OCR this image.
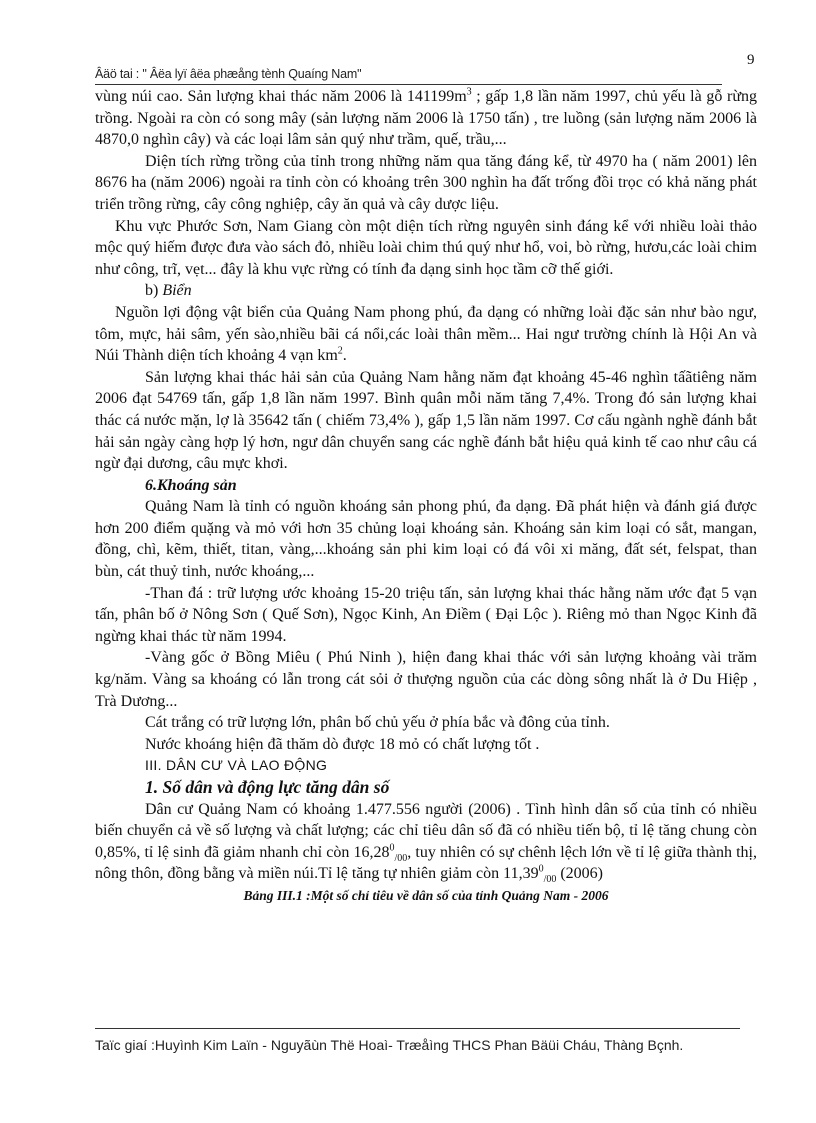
Âäö tai : " Âëa lyï âëa phæång tènh Quaíng Nam"
9

vùng núi cao. Sản lượng khai thác năm 2006 là $141199m^3$ ; gấp 1,8 lần năm 1997, chủ yếu là gỗ rừng trồng. Ngoài ra còn có song mây (sản lượng năm 2006 là 1750 tấn) , tre luồng (sản lượng năm 2006 là 4870,0 nghìn cây) và các loại lâm sản quý như trầm, quế, trầu,...

Diện tích rừng trồng của tỉnh trong những năm qua tăng đáng kể, từ 4970 ha ( năm 2001) lên 8676 ha (năm 2006) ngoài ra tỉnh còn có khoảng trên 300 nghìn ha đất trống đồi trọc có khả năng phát triển trồng rừng, cây công nghiệp, cây ăn quả và cây dược liệu.

Khu vực Phước Sơn, Nam Giang còn một diện tích rừng nguyên sinh đáng kể với nhiều loài thảo mộc quý hiếm được đưa vào sách đỏ, nhiều loài chim thú quý như hổ, voi, bò rừng, hươu,các loài chim như công, trĩ, vẹt... đây là khu vực rừng có tính đa dạng sinh học tầm cỡ thế giới.

b) Biển

Nguồn lợi động vật biển của Quảng Nam phong phú, đa dạng có những loài đặc sản như bào ngư, tôm, mực, hải sâm, yến sào,nhiều bãi cá nổi,các loài thân mềm... Hai ngư trường chính là Hội An và Núi Thành diện tích khoảng 4 vạn $km^2$.

Sản lượng khai thác hải sản của Quảng Nam hằng năm đạt khoảng 45-46 nghìn tấãtiêng năm 2006 đạt 54769 tấn, gấp 1,8 lần năm 1997. Bình quân mỗi năm tăng 7,4%. Trong đó sản lượng khai thác cá nước mặn, lợ là 35642 tấn ( chiếm 73,4% ), gấp 1,5 lần năm 1997. Cơ cấu ngành nghề đánh bắt hải sản ngày càng hợp lý hơn, ngư dân chuyển sang các nghề đánh bắt hiệu quả kinh tế cao như câu cá ngừ đại dương, câu mực khơi.

6.Khoáng sản

Quảng Nam là tỉnh có nguồn khoáng sản phong phú, đa dạng. Đã phát hiện và đánh giá được hơn 200 điểm quặng và mỏ với hơn 35 chủng loại khoáng sản. Khoáng sản kim loại có sắt, mangan, đồng, chì, kẽm, thiết, titan, vàng,...khoáng sản phi kim loại có đá vôi xi măng, đất sét, felspat, than bùn, cát thuỷ tinh, nước khoáng,...

-Than đá : trữ lượng ước khoảng 15-20 triệu tấn, sản lượng khai thác hằng năm ước đạt 5 vạn tấn, phân bố ở Nông Sơn ( Quế Sơn), Ngọc Kinh, An Điềm ( Đại Lộc ). Riêng mỏ than Ngọc Kinh đã ngừng khai thác từ năm 1994.

-Vàng gốc ở Bồng Miêu ( Phú Ninh ), hiện đang khai thác với sản lượng khoảng vài trăm kg/năm. Vàng sa khoáng có lẫn trong cát sỏi ở thượng nguồn của các dòng sông nhất là ở Du Hiệp , Trà Dương...

Cát trắng có trữ lượng lớn, phân bố chủ yếu ở phía bắc và đông của tỉnh.

Nước khoáng hiện đã thăm dò được 18 mỏ có chất lượng tốt .

III. DÂN CƯ VÀ LAO ĐỘNG

1. Số dân và động lực tăng dân số

Dân cư Quảng Nam có khoảng 1.477.556 người (2006) . Tình hình dân số của tỉnh có nhiều biến chuyển cả về số lượng và chất lượng; các chỉ tiêu dân số đã có nhiều tiến bộ, tỉ lệ tăng chung còn 0,85%, tỉ lệ sinh đã giảm nhanh chỉ còn $16,28^0_{/00}$, tuy nhiên có sự chênh lệch lớn về tỉ lệ giữa thành thị, nông thôn, đồng bằng và miền núi.Tỉ lệ tăng tự nhiên giảm còn $11,39^0_{/00}$ (2006)

Bảng III.1 :Một số chỉ tiêu về dân số của tỉnh Quảng Nam - 2006

Taïc giaí :Huyình Kim Laïn - Nguyãùn Thë Hoaì- Træåìng THCS Phan Bäüi Cháu, Thàng Bçnh.
